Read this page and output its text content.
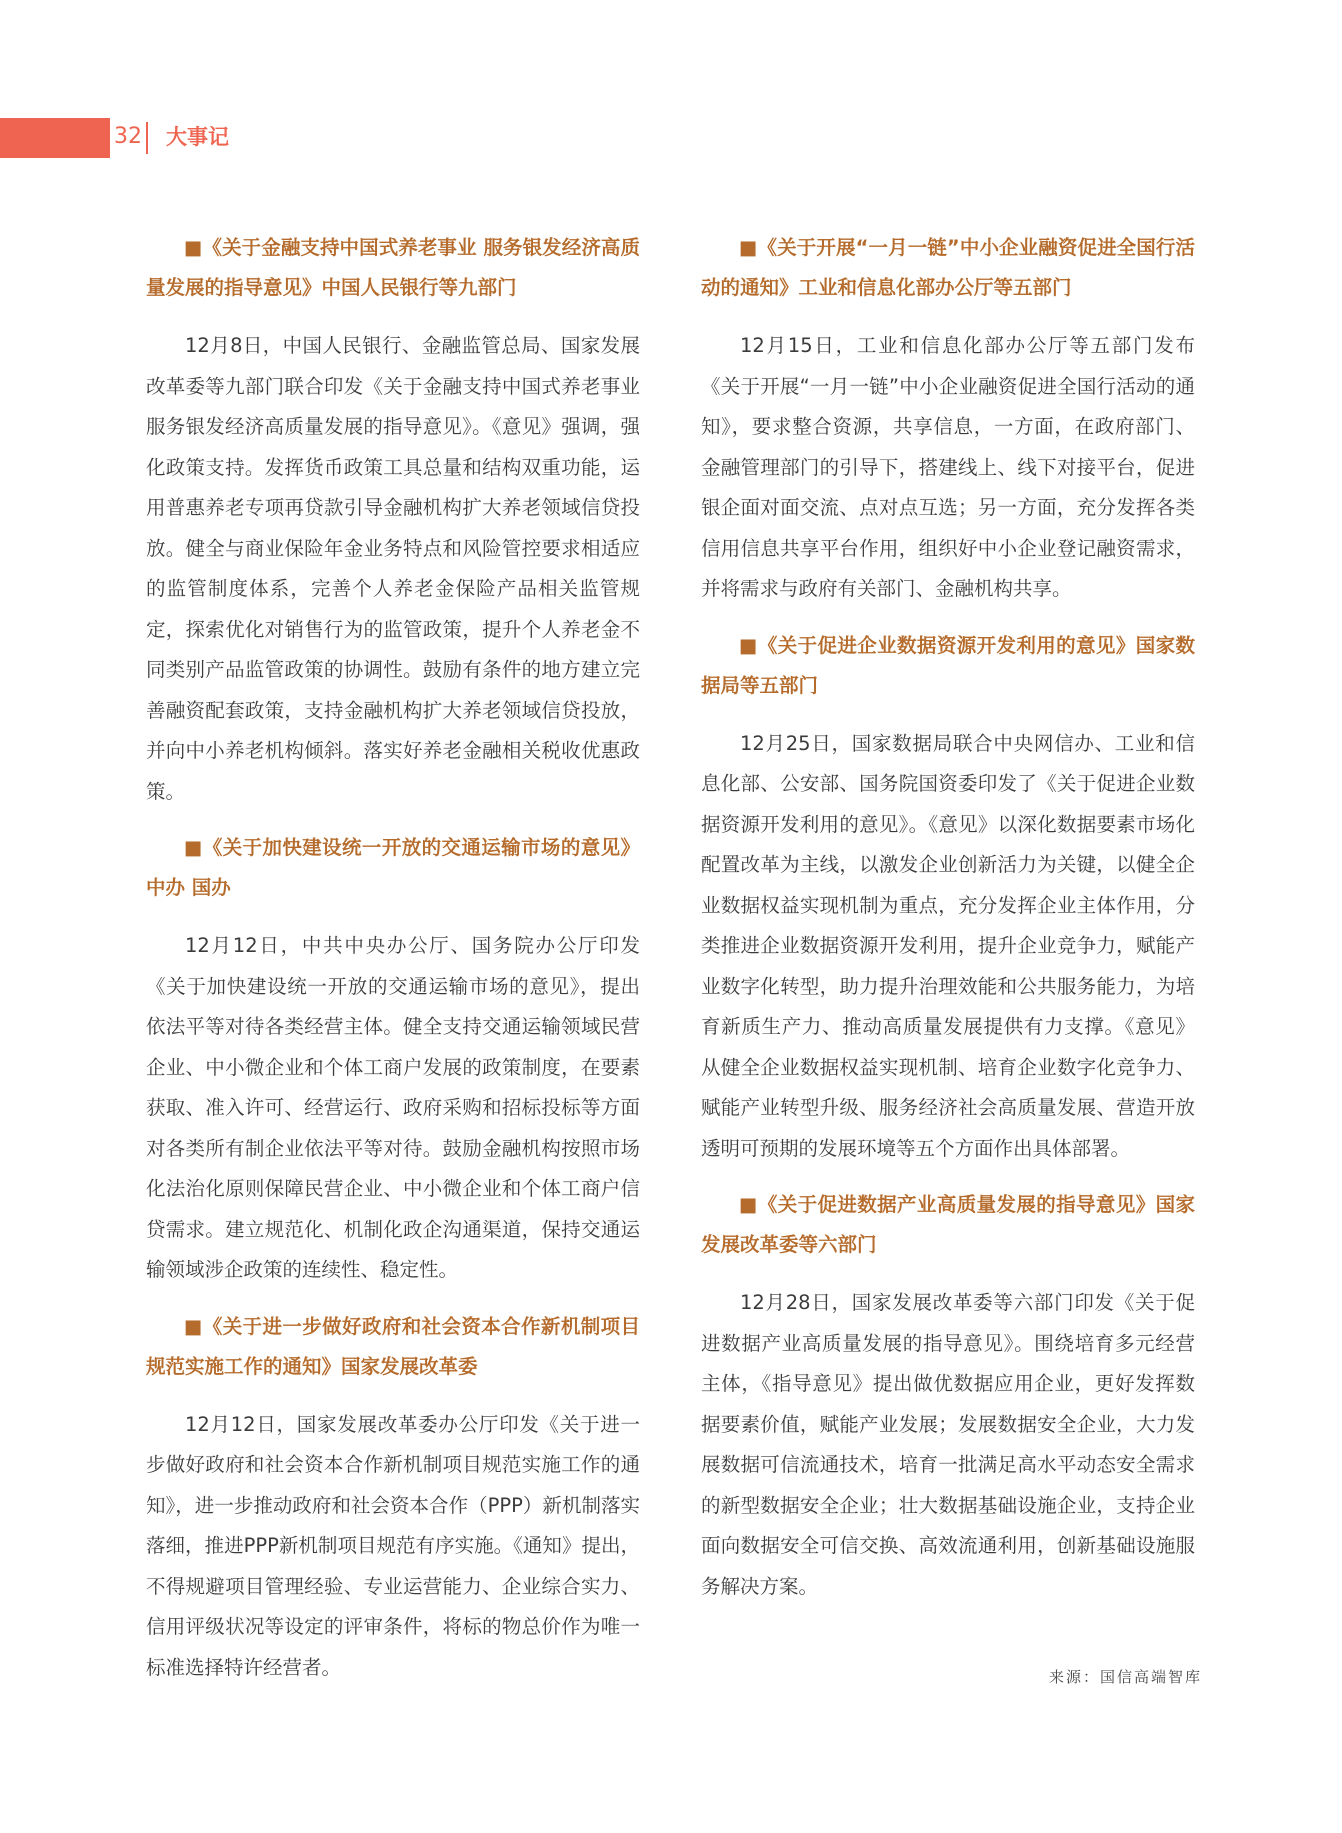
32 大事记

■《关于金融支持中国式养老事业 服务银发经济高质量发展的指导意见》中国人民银行等九部门

12月8日，中国人民银行、金融监管总局、国家发展改革委等九部门联合印发《关于金融支持中国式养老事业 服务银发经济高质量发展的指导意见》。《意见》强调，强化政策支持。发挥货币政策工具总量和结构双重功能，运用普惠养老专项再贷款引导金融机构扩大养老领域信贷投放。健全与商业保险年金业务特点和风险管控要求相适应的监管制度体系，完善个人养老金保险产品相关监管规定，探索优化对销售行为的监管政策，提升个人养老金不同类别产品监管政策的协调性。鼓励有条件的地方建立完善融资配套政策，支持金融机构扩大养老领域信贷投放，并向中小养老机构倾斜。落实好养老金融相关税收优惠政策。

■《关于加快建设统一开放的交通运输市场的意见》中办 国办

12月12日，中共中央办公厅、国务院办公厅印发《关于加快建设统一开放的交通运输市场的意见》，提出依法平等对待各类经营主体。健全支持交通运输领域民营企业、中小微企业和个体工商户发展的政策制度，在要素获取、准入许可、经营运行、政府采购和招标投标等方面对各类所有制企业依法平等对待。鼓励金融机构按照市场化法治化原则保障民营企业、中小微企业和个体工商户信贷需求。建立规范化、机制化政企沟通渠道，保持交通运输领域涉企政策的连续性、稳定性。

■《关于进一步做好政府和社会资本合作新机制项目规范实施工作的通知》国家发展改革委

12月12日，国家发展改革委办公厅印发《关于进一步做好政府和社会资本合作新机制项目规范实施工作的通知》，进一步推动政府和社会资本合作（PPP）新机制落实落细，推进PPP新机制项目规范有序实施。《通知》提出，不得规避项目管理经验、专业运营能力、企业综合实力、信用评级状况等设定的评审条件，将标的物总价作为唯一标准选择特许经营者。

■《关于开展“一月一链”中小企业融资促进全国行活动的通知》工业和信息化部办公厅等五部门

12月15日，工业和信息化部办公厅等五部门发布《关于开展“一月一链”中小企业融资促进全国行活动的通知》，要求整合资源，共享信息，一方面，在政府部门、金融管理部门的引导下，搭建线上、线下对接平台，促进银企面对面交流、点对点互选；另一方面，充分发挥各类信用信息共享平台作用，组织好中小企业登记融资需求，并将需求与政府有关部门、金融机构共享。

■《关于促进企业数据资源开发利用的意见》国家数据局等五部门

12月25日，国家数据局联合中央网信办、工业和信息化部、公安部、国务院国资委印发了《关于促进企业数据资源开发利用的意见》。《意见》以深化数据要素市场化配置改革为主线，以激发企业创新活力为关键，以健全企业数据权益实现机制为重点，充分发挥企业主体作用，分类推进企业数据资源开发利用，提升企业竞争力，赋能产业数字化转型，助力提升治理效能和公共服务能力，为培育新质生产力、推动高质量发展提供有力支撑。《意见》从健全企业数据权益实现机制、培育企业数字化竞争力、赋能产业转型升级、服务经济社会高质量发展、营造开放透明可预期的发展环境等五个方面作出具体部署。

■《关于促进数据产业高质量发展的指导意见》国家发展改革委等六部门

12月28日，国家发展改革委等六部门印发《关于促进数据产业高质量发展的指导意见》。围绕培育多元经营主体，《指导意见》提出做优数据应用企业，更好发挥数据要素价值，赋能产业发展；发展数据安全企业，大力发展数据可信流通技术，培育一批满足高水平动态安全需求的新型数据安全企业；壮大数据基础设施企业，支持企业面向数据安全可信交换、高效流通利用，创新基础设施服务解决方案。

来源：国信高端智库
